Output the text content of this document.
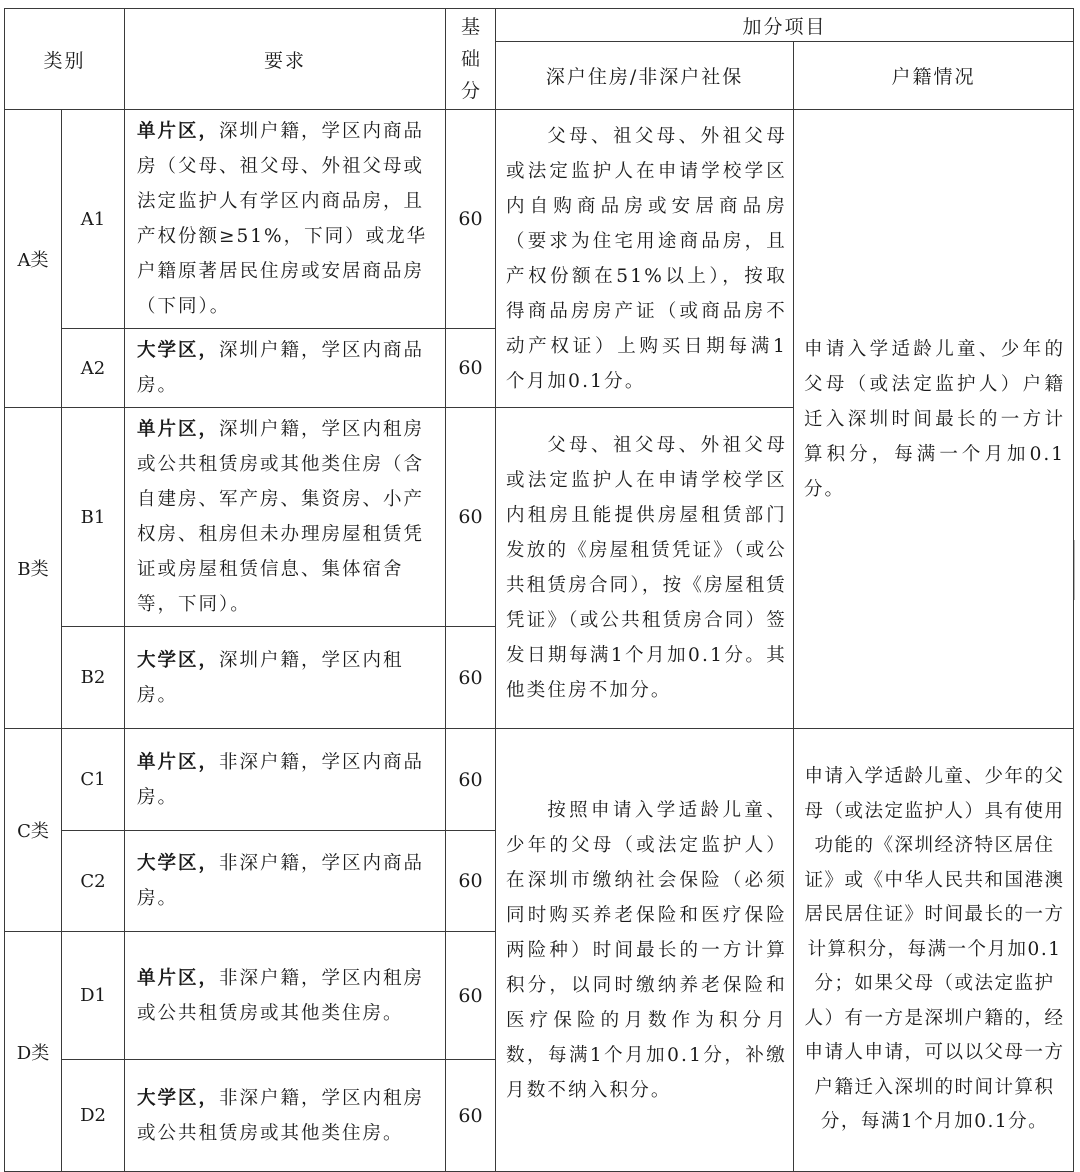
类别		要求	基础分	加分项目	
				深户住房/非深户社保	户籍情况
A类	A1	单片区，深圳户籍，学区内商品房（父母、祖父母、外祖父母或法定监护人有学区内商品房，且产权份额≥51%，下同）或龙华户籍原著居民住房或安居商品房（下同）。	60	父母、祖父母、外祖父母或法定监护人在申请学校学区内自购商品房或安居商品房（要求为住宅用途商品房，且产权份额在51%以上），按取得商品房房产证（或商品房不动产权证）上购买日期每满1个月加0.1分。	申请入学适龄儿童、少年的父母（或法定监护人）户籍迁入深圳时间最长的一方计算积分，每满一个月加0.1分。
	A2	大学区，深圳户籍，学区内商品房。	60		
B类	B1	单片区，深圳户籍，学区内租房或公共租赁房或其他类住房（含自建房、军产房、集资房、小产权房、租房但未办理房屋租赁凭证或房屋租赁信息、集体宿舍等，下同）。	60	父母、祖父母、外祖父母或法定监护人在申请学校学区内租房且能提供房屋租赁部门发放的《房屋租赁凭证》（或公共租赁房合同），按《房屋租赁凭证》（或公共租赁房合同）签发日期每满1个月加0.1分。其他类住房不加分。	
	B2	大学区，深圳户籍，学区内租房。	60		
C类	C1	单片区，非深户籍，学区内商品房。	60	按照申请入学适龄儿童、少年的父母（或法定监护人）在深圳市缴纳社会保险（必须同时购买养老保险和医疗保险两险种）时间最长的一方计算积分，以同时缴纳养老保险和医疗保险的月数作为积分月数，每满1个月加0.1分，补缴月数不纳入积分。	申请入学适龄儿童、少年的父母（或法定监护人）具有使用功能的《深圳经济特区居住证》或《中华人民共和国港澳居民居住证》时间最长的一方计算积分，每满一个月加0.1分；如果父母（或法定监护人）有一方是深圳户籍的，经申请人申请，可以以父母一方户籍迁入深圳的时间计算积分，每满1个月加0.1分。
	C2	大学区，非深户籍，学区内商品房。	60		
D类	D1	单片区，非深户籍，学区内租房或公共租赁房或其他类住房。	60		
	D2	大学区，非深户籍，学区内租房或公共租赁房或其他类住房。	60		
